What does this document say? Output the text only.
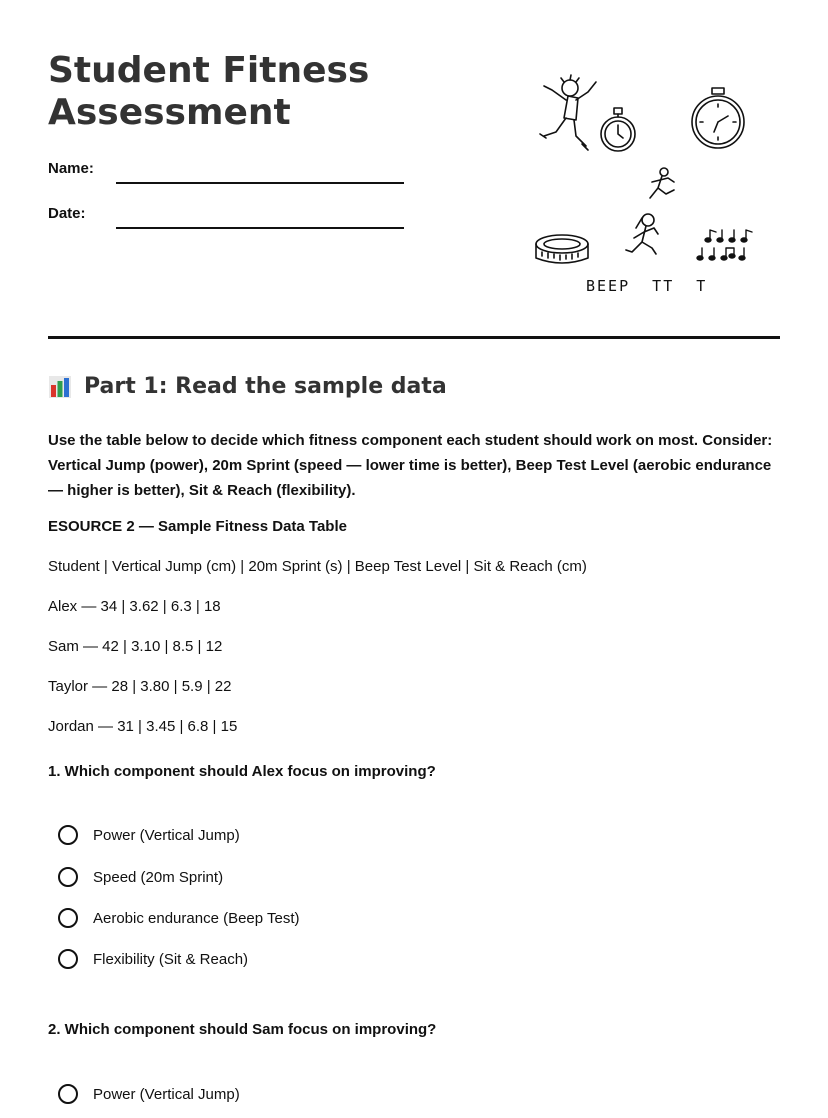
Student Fitness
Assessment
Name:
Date:
BEEP  TT  T
Part 1: Read the sample data

Use the table below to decide which fitness component each student should work on most. Consider: Vertical Jump (power), 20m Sprint (speed — lower time is better), Beep Test Level (aerobic endurance — higher is better), Sit & Reach (flexibility).

ESOURCE 2 — Sample Fitness Data Table
Student | Vertical Jump (cm) | 20m Sprint (s) | Beep Test Level | Sit & Reach (cm)
Alex — 34 | 3.62 | 6.3 | 18
Sam — 42 | 3.10 | 8.5 | 12
Taylor — 28 | 3.80 | 5.9 | 22
Jordan — 31 | 3.45 | 6.8 | 15
1. Which component should Alex focus on improving?
Power (Vertical Jump)
Speed (20m Sprint)
Aerobic endurance (Beep Test)
Flexibility (Sit & Reach)
2. Which component should Sam focus on improving?
Power (Vertical Jump)
